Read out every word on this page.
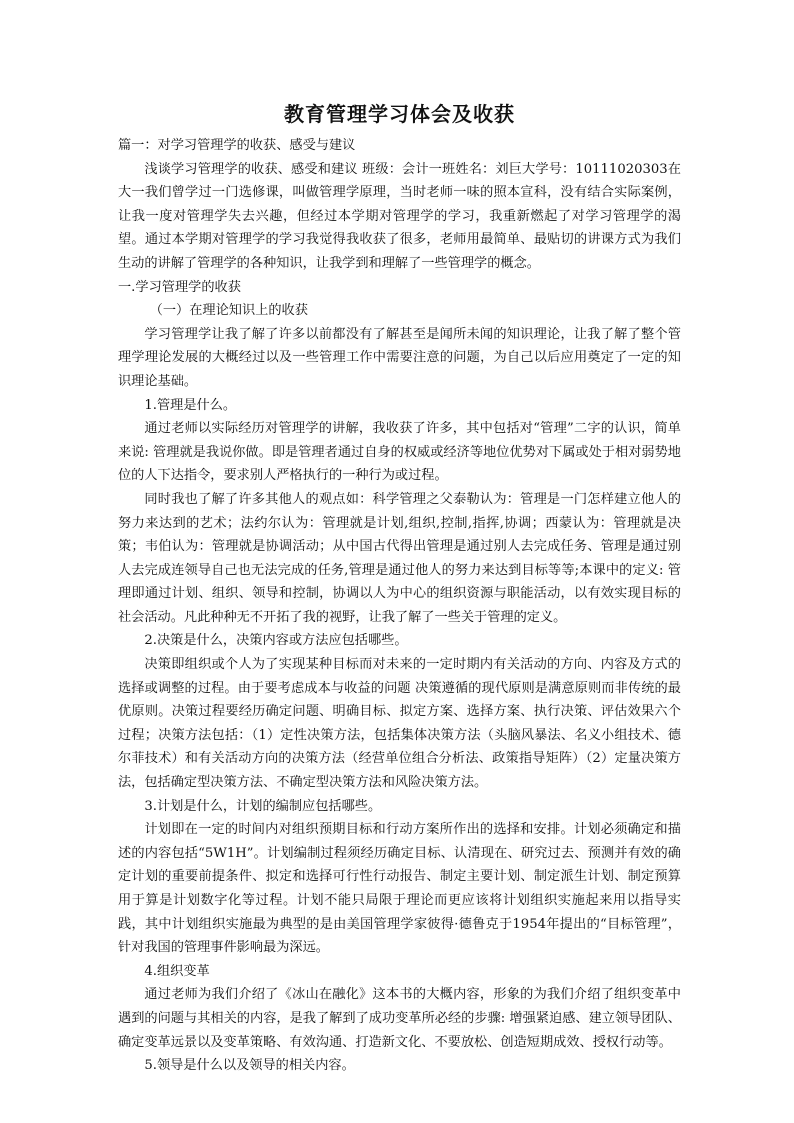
教育管理学习体会及收获

篇一：对学习管理学的收获、感受与建议

浅谈学习管理学的收获、感受和建议 班级：会计一班姓名：刘巨大学号：10111020303在大一我们曾学过一门选修课，叫做管理学原理，当时老师一味的照本宣科，没有结合实际案例，让我一度对管理学失去兴趣，但经过本学期对管理学的学习，我重新燃起了对学习管理学的渴望。通过本学期对管理学的学习我觉得我收获了很多，老师用最简单、最贴切的讲课方式为我们生动的讲解了管理学的各种知识，让我学到和理解了一些管理学的概念。

一.学习管理学的收获

（一）在理论知识上的收获

学习管理学让我了解了许多以前都没有了解甚至是闻所未闻的知识理论，让我了解了整个管理学理论发展的大概经过以及一些管理工作中需要注意的问题，为自己以后应用奠定了一定的知识理论基础。

1.管理是什么。

通过老师以实际经历对管理学的讲解，我收获了许多，其中包括对“管理”二字的认识，简单来说: 管理就是我说你做。即是管理者通过自身的权威或经济等地位优势对下属或处于相对弱势地位的人下达指令，要求别人严格执行的一种行为或过程。

同时我也了解了许多其他人的观点如：科学管理之父泰勒认为：管理是一门怎样建立他人的努力来达到的艺术；法约尔认为：管理就是计划,组织,控制,指挥,协调；西蒙认为：管理就是决策；韦伯认为：管理就是协调活动；从中国古代得出管理是通过别人去完成任务、管理是通过别人去完成连领导自己也无法完成的任务,管理是通过他人的努力来达到目标等等;本课中的定义: 管理即通过计划、组织、领导和控制，协调以人为中心的组织资源与职能活动，以有效实现目标的社会活动。凡此种种无不开拓了我的视野，让我了解了一些关于管理的定义。

2.决策是什么，决策内容或方法应包括哪些。

决策即组织或个人为了实现某种目标而对未来的一定时期内有关活动的方向、内容及方式的选择或调整的过程。由于要考虑成本与收益的问题 决策遵循的现代原则是满意原则而非传统的最优原则。决策过程要经历确定问题、明确目标、拟定方案、选择方案、执行决策、评估效果六个过程；决策方法包括：（1）定性决策方法，包括集体决策方法（头脑风暴法、名义小组技术、德尔菲技术）和有关活动方向的决策方法（经营单位组合分析法、政策指导矩阵）（2）定量决策方法，包括确定型决策方法、不确定型决策方法和风险决策方法。

3.计划是什么，计划的编制应包括哪些。

计划即在一定的时间内对组织预期目标和行动方案所作出的选择和安排。计划必须确定和描述的内容包括“5W1H”。计划编制过程须经历确定目标、认清现在、研究过去、预测并有效的确定计划的重要前提条件、拟定和选择可行性行动报告、制定主要计划、制定派生计划、制定预算用于算是计划数字化等过程。计划不能只局限于理论而更应该将计划组织实施起来用以指导实践，其中计划组织实施最为典型的是由美国管理学家彼得·德鲁克于1954年提出的“目标管理”，针对我国的管理事件影响最为深远。

4.组织变革

通过老师为我们介绍了《冰山在融化》这本书的大概内容，形象的为我们介绍了组织变革中遇到的问题与其相关的内容，是我了解到了成功变革所必经的步骤: 增强紧迫感、建立领导团队、确定变革远景以及变革策略、有效沟通、打造新文化、不要放松、创造短期成效、授权行动等。

5.领导是什么以及领导的相关内容。
